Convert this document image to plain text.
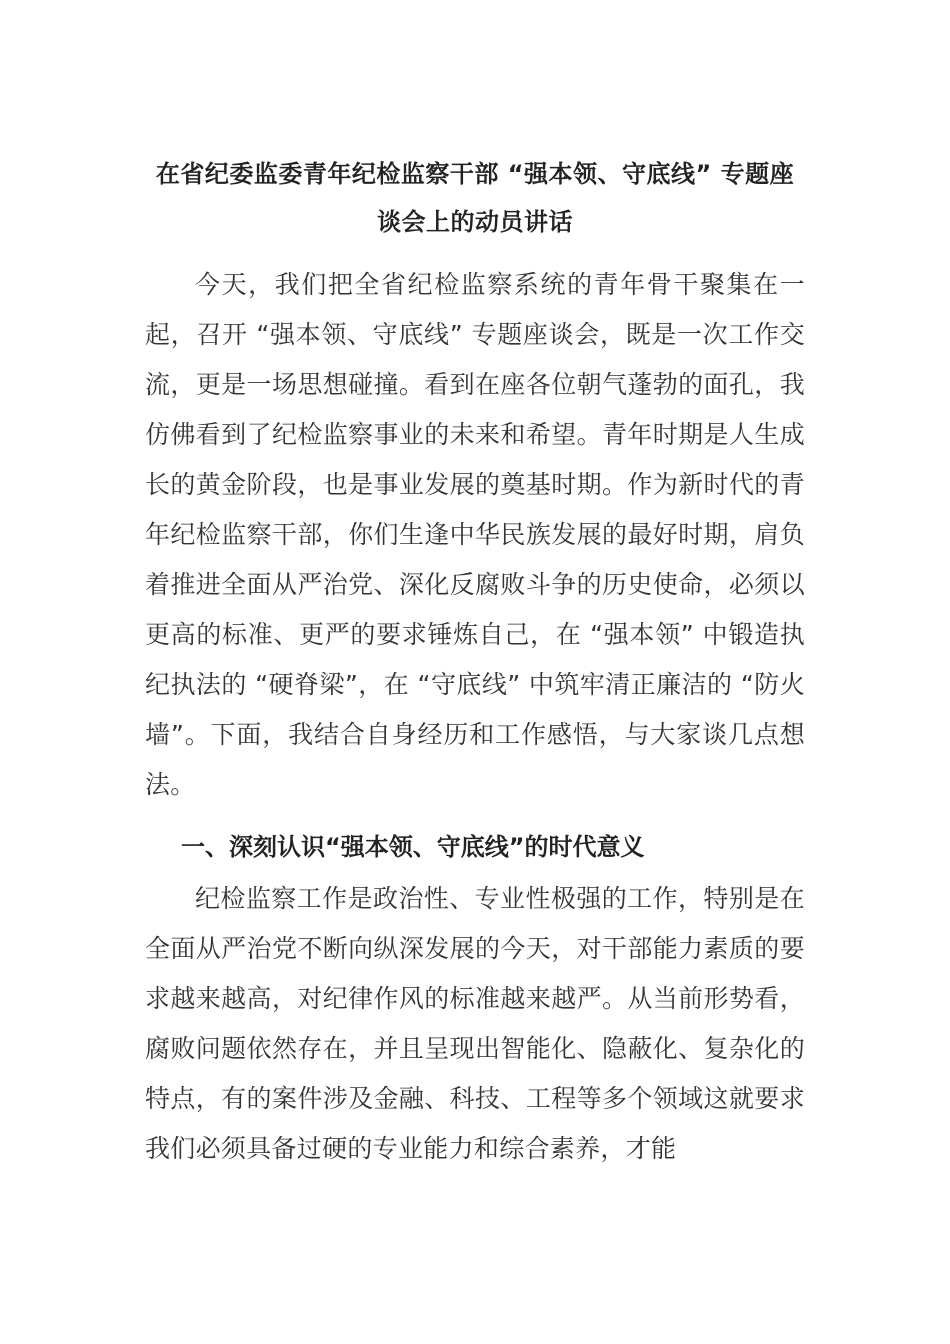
在省纪委监委青年纪检监察干部 “强本领、守底线” 专题座
谈会上的动员讲话

今天，我们把全省纪检监察系统的青年骨干聚集在一起，召开 “强本领、守底线” 专题座谈会，既是一次工作交流，更是一场思想碰撞。看到在座各位朝气蓬勃的面孔，我仿佛看到了纪检监察事业的未来和希望。青年时期是人生成长的黄金阶段，也是事业发展的奠基时期。作为新时代的青年纪检监察干部，你们生逢中华民族发展的最好时期，肩负着推进全面从严治党、深化反腐败斗争的历史使命，必须以更高的标准、更严的要求锤炼自己，在 “强本领” 中锻造执纪执法的 “硬脊梁”，在 “守底线” 中筑牢清正廉洁的 “防火墙”。下面，我结合自身经历和工作感悟，与大家谈几点想法。

一、深刻认识“强本领、守底线”的时代意义

纪检监察工作是政治性、专业性极强的工作，特别是在全面从严治党不断向纵深发展的今天，对干部能力素质的要求越来越高，对纪律作风的标准越来越严。从当前形势看，腐败问题依然存在，并且呈现出智能化、隐蔽化、复杂化的特点，有的案件涉及金融、科技、工程等多个领域这就要求我们必须具备过硬的专业能力和综合素养，才能
